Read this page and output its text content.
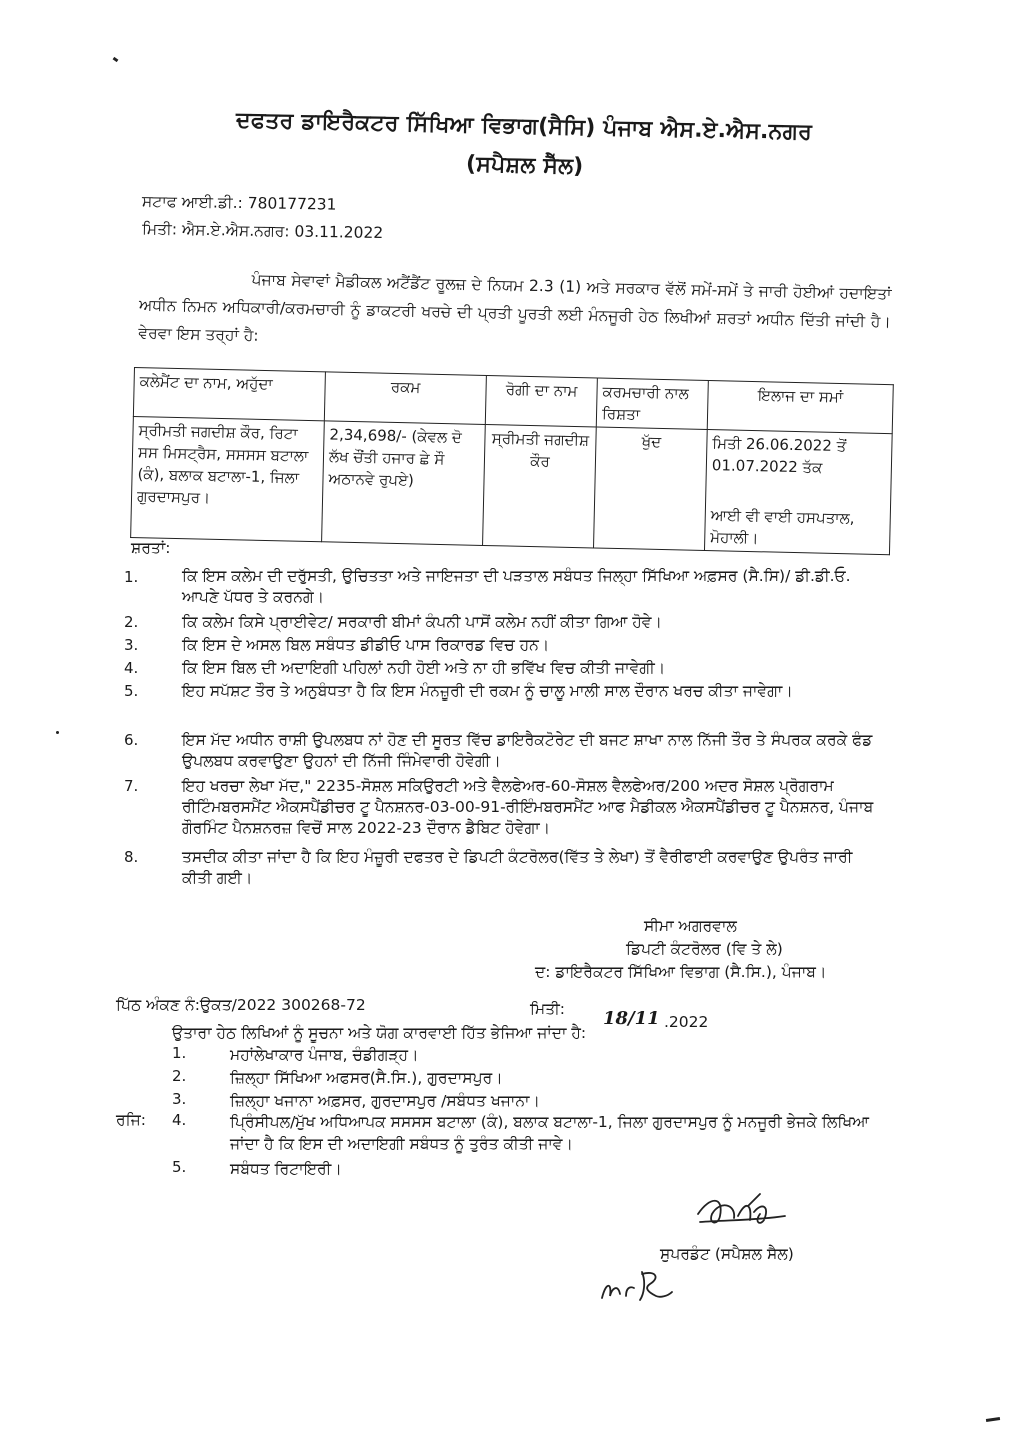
ਦਫਤਰ ਡਾਇਰੈਕਟਰ ਸਿੱਖਿਆ ਵਿਭਾਗ(ਸੈਸਿ) ਪੰਜਾਬ ਐਸ.ਏ.ਐਸ.ਨਗਰ
(ਸਪੈਸ਼ਲ ਸੈੱਲ)
ਸਟਾਫ ਆਈ.ਡੀ.: 780177231
ਮਿਤੀ: ਐਸ.ਏ.ਐਸ.ਨਗਰ: 03.11.2022
ਪੰਜਾਬ ਸੇਵਾਵਾਂ ਮੈਡੀਕਲ ਅਟੈਂਡੈਂਟ ਰੂਲਜ਼ ਦੇ ਨਿਯਮ 2.3 (1) ਅਤੇ ਸਰਕਾਰ ਵੱਲੋਂ ਸਮੇਂ-ਸਮੇਂ ਤੇ ਜਾਰੀ ਹੋਈਆਂ ਹਦਾਇਤਾਂ ਅਧੀਨ ਨਿਮਨ ਅਧਿਕਾਰੀ/ਕਰਮਚਾਰੀ ਨੂੰ ਡਾਕਟਰੀ ਖਰਚੇ ਦੀ ਪ੍ਰਤੀ ਪੂਰਤੀ ਲਈ ਮੰਨਜੂਰੀ ਹੇਠ ਲਿਖੀਆਂ ਸ਼ਰਤਾਂ ਅਧੀਨ ਦਿੱਤੀ ਜਾਂਦੀ ਹੈ। ਵੇਰਵਾ ਇਸ ਤਰ੍ਹਾਂ ਹੈ:
ਕਲੇਮੈਂਟ ਦਾ ਨਾਮ, ਅਹੁੱਦਾ	ਰਕਮ	ਰੋਗੀ ਦਾ ਨਾਮ	ਕਰਮਚਾਰੀ ਨਾਲ ਰਿਸ਼ਤਾ	ਇਲਾਜ ਦਾ ਸਮਾਂ
ਸ੍ਰੀਮਤੀ ਜਗਦੀਸ਼ ਕੌਰ, ਰਿਟਾ ਸਸ ਮਿਸਟ੍ਰੈਸ, ਸਸਸਸ ਬਟਾਲਾ (ਕੰ), ਬਲਾਕ ਬਟਾਲਾ-1, ਜਿਲਾ ਗੁਰਦਾਸਪੁਰ।	2,34,698/- (ਕੇਵਲ ਦੋ ਲੱਖ ਚੌਂਤੀ ਹਜਾਰ ਛੇ ਸੌ ਅਠਾਨਵੇ ਰੁਪਏ)	ਸ੍ਰੀਮਤੀ ਜਗਦੀਸ਼ ਕੌਰ	ਖੁੱਦ	ਮਿਤੀ 26.06.2022 ਤੋਂ 01.07.2022 ਤੱਕ
ਆਈ ਵੀ ਵਾਈ ਹਸਪਤਾਲ, ਮੋਹਾਲੀ।
ਸ਼ਰਤਾਂ:
1.	ਕਿ ਇਸ ਕਲੇਮ ਦੀ ਦਰੁੱਸਤੀ, ਉਚਿਤਤਾ ਅਤੇ ਜਾਇਜਤਾ ਦੀ ਪੜਤਾਲ ਸਬੰਧਤ ਜਿਲ੍ਹਾ ਸਿੱਖਿਆ ਅਫ਼ਸਰ (ਸੈ.ਸਿ)/ ਡੀ.ਡੀ.ਓ. ਆਪਣੇ ਪੱਧਰ ਤੇ ਕਰਨਗੇ।
2.	ਕਿ ਕਲੇਮ ਕਿਸੇ ਪ੍ਰਾਈਵੇਟ/ ਸਰਕਾਰੀ ਬੀਮਾਂ ਕੰਪਨੀ ਪਾਸੋਂ ਕਲੇਮ ਨਹੀਂ ਕੀਤਾ ਗਿਆ ਹੋਵੇ।
3.	ਕਿ ਇਸ ਦੇ ਅਸਲ ਬਿਲ ਸਬੰਧਤ ਡੀਡੀਓ ਪਾਸ ਰਿਕਾਰਡ ਵਿਚ ਹਨ।
4.	ਕਿ ਇਸ ਬਿਲ ਦੀ ਅਦਾਇਗੀ ਪਹਿਲਾਂ ਨਹੀ ਹੋਈ ਅਤੇ ਨਾ ਹੀ ਭਵਿੱਖ ਵਿਚ ਕੀਤੀ ਜਾਵੇਗੀ।
5.	ਇਹ ਸਪੱਸ਼ਟ ਤੌਰ ਤੇ ਅਨੁਬੰਧਤਾ ਹੈ ਕਿ ਇਸ ਮੰਨਜ਼ੂਰੀ ਦੀ ਰਕਮ ਨੂੰ ਚਾਲੂ ਮਾਲੀ ਸਾਲ ਦੌਰਾਨ ਖਰਚ ਕੀਤਾ ਜਾਵੇਗਾ।
6.	ਇਸ ਮੱਦ ਅਧੀਨ ਰਾਸ਼ੀ ਉਪਲਬਧ ਨਾਂ ਹੋਣ ਦੀ ਸੂਰਤ ਵਿੱਚ ਡਾਇਰੈਕਟੋਰੇਟ ਦੀ ਬਜਟ ਸ਼ਾਖਾ ਨਾਲ ਨਿੱਜੀ ਤੌਰ ਤੇ ਸੰਪਰਕ ਕਰਕੇ ਫੰਡ ਉਪਲਬਧ ਕਰਵਾਉਣਾ ਉਹਨਾਂ ਦੀ ਨਿੱਜੀ ਜਿੰਮੇਵਾਰੀ ਹੋਵੇਗੀ।
7.	ਇਹ ਖਰਚਾ ਲੇਖਾ ਮੱਦ," 2235-ਸੋਸ਼ਲ ਸਕਿਉਰਟੀ ਅਤੇ ਵੈਲਫੇਅਰ-60-ਸੋਸ਼ਲ ਵੈਲਫੇਅਰ/200 ਅਦਰ ਸੋਸ਼ਲ ਪ੍ਰੋਗਰਾਮ ਰੀਟਿੰਮਬਰਸਮੈਂਟ ਐਕਸਪੈਂਡੀਚਰ ਟੂ ਪੈਨਸ਼ਨਰ-03-00-91-ਰੀਇੰਮਬਰਸਮੈਂਟ ਆਫ ਮੈਡੀਕਲ ਐਕਸਪੈਂਡੀਚਰ ਟੂ ਪੈਨਸ਼ਨਰ, ਪੰਜਾਬ ਗੌਰਮਿੰਟ ਪੈਨਸ਼ਨਰਜ਼ ਵਿਚੋਂ ਸਾਲ 2022-23 ਦੌਰਾਨ ਡੈਬਿਟ ਹੋਵੇਗਾ।
8.	ਤਸਦੀਕ ਕੀਤਾ ਜਾਂਦਾ ਹੈ ਕਿ ਇਹ ਮੰਜ਼ੂਰੀ ਦਫਤਰ ਦੇ ਡਿਪਟੀ ਕੰਟਰੋਲਰ(ਵਿੱਤ ਤੇ ਲੇਖਾ) ਤੋਂ ਵੈਰੀਫਾਈ ਕਰਵਾਉਣ ਉਪਰੰਤ ਜਾਰੀ ਕੀਤੀ ਗਈ।
ਸੀਮਾ ਅਗਰਵਾਲ
ਡਿਪਟੀ ਕੰਟਰੋਲਰ (ਵਿ ਤੇ ਲੇ)
ਦ: ਡਾਇਰੈਕਟਰ ਸਿੱਖਿਆ ਵਿਭਾਗ (ਸੈ.ਸਿ.), ਪੰਜਾਬ।
ਪਿੱਠ ਅੰਕਣ ਨੰ:ਉਕਤ/2022 300268-72	ਮਿਤੀ: 18/11 .2022
ਉਤਾਰਾ ਹੇਠ ਲਿਖਿਆਂ ਨੂੰ ਸੂਚਨਾ ਅਤੇ ਯੋਗ ਕਾਰਵਾਈ ਹਿੱਤ ਭੇਜਿਆ ਜਾਂਦਾ ਹੈ:
ਰਜਿ:
1.	ਮਹਾਂਲੇਖਾਕਾਰ ਪੰਜਾਬ, ਚੰਡੀਗੜ੍ਹ।
2.	ਜ਼ਿਲ੍ਹਾ ਸਿੱਖਿਆ ਅਫਸਰ(ਸੈ.ਸਿ.), ਗੁਰਦਾਸਪੁਰ।
3.	ਜ਼ਿਲ੍ਹਾ ਖਜਾਨਾ ਅਫ਼ਸਰ, ਗੁਰਦਾਸਪੁਰ /ਸਬੰਧਤ ਖਜਾਨਾ।
4.	ਪ੍ਰਿੰਸੀਪਲ/ਮੁੱਖ ਅਧਿਆਪਕ ਸਸਸਸ ਬਟਾਲਾ (ਕੰ), ਬਲਾਕ ਬਟਾਲਾ-1, ਜਿਲਾ ਗੁਰਦਾਸਪੁਰ ਨੂੰ ਮਨਜੂਰੀ ਭੇਜਕੇ ਲਿਖਿਆ ਜਾਂਦਾ ਹੈ ਕਿ ਇਸ ਦੀ ਅਦਾਇਗੀ ਸਬੰਧਤ ਨੂੰ ਤੁਰੰਤ ਕੀਤੀ ਜਾਵੇ।
5.	ਸਬੰਧਤ ਰਿਟਾਇਰੀ।
ਸੁਪਰਡੰਟ (ਸਪੈਸ਼ਲ ਸੈਲ)
